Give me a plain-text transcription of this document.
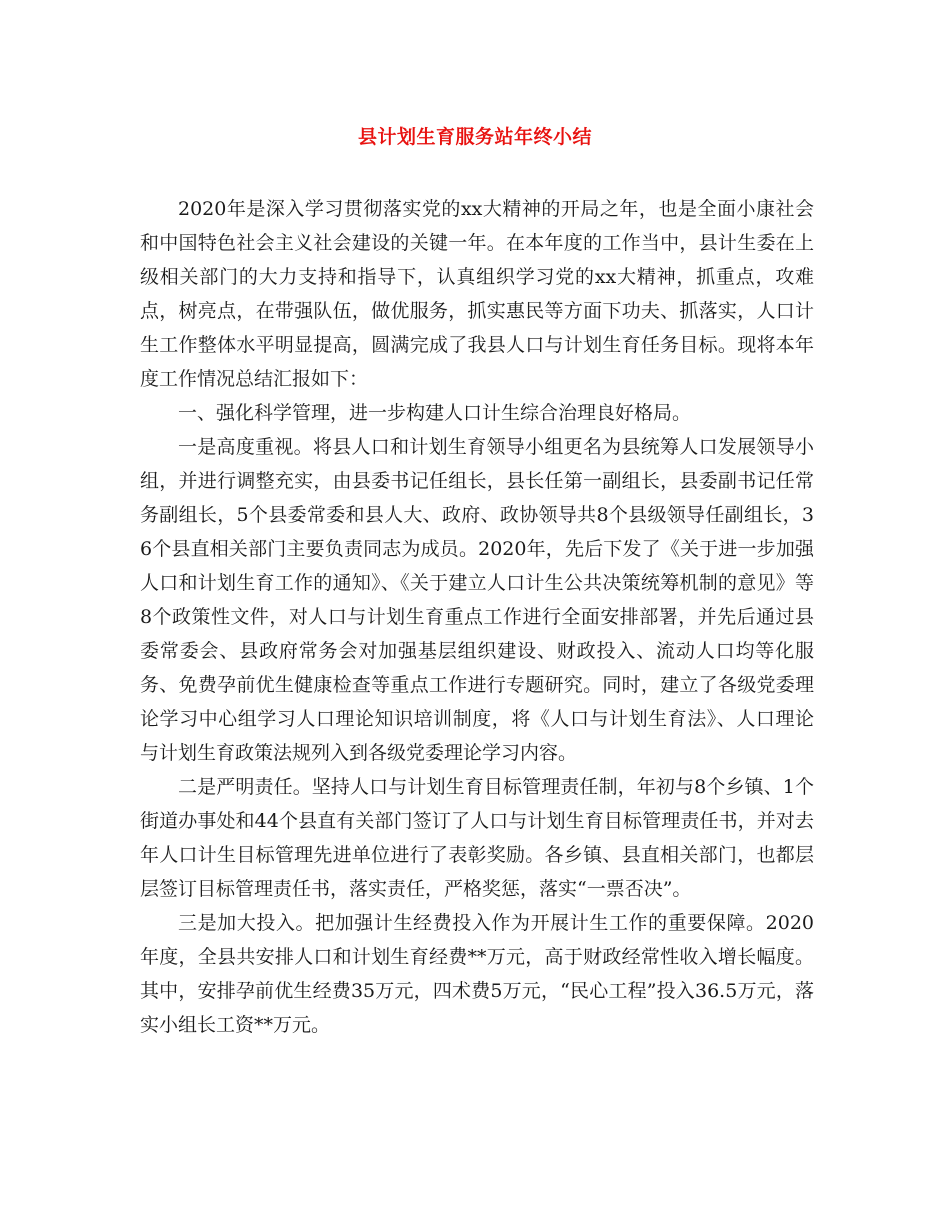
县计划生育服务站年终小结

2020年是深入学习贯彻落实党的xx大精神的开局之年，也是全面小康社会和中国特色社会主义社会建设的关键一年。在本年度的工作当中，县计生委在上级相关部门的大力支持和指导下，认真组织学习党的xx大精神，抓重点，攻难点，树亮点，在带强队伍，做优服务，抓实惠民等方面下功夫、抓落实，人口计生工作整体水平明显提高，圆满完成了我县人口与计划生育任务目标。现将本年度工作情况总结汇报如下：

一、强化科学管理，进一步构建人口计生综合治理良好格局。

一是高度重视。将县人口和计划生育领导小组更名为县统筹人口发展领导小组，并进行调整充实，由县委书记任组长，县长任第一副组长，县委副书记任常务副组长，5个县委常委和县人大、政府、政协领导共8个县级领导任副组长，36个县直相关部门主要负责同志为成员。2020年，先后下发了《关于进一步加强人口和计划生育工作的通知》、《关于建立人口计生公共决策统筹机制的意见》等8个政策性文件，对人口与计划生育重点工作进行全面安排部署，并先后通过县委常委会、县政府常务会对加强基层组织建设、财政投入、流动人口均等化服务、免费孕前优生健康检查等重点工作进行专题研究。同时，建立了各级党委理论学习中心组学习人口理论知识培训制度，将《人口与计划生育法》、人口理论与计划生育政策法规列入到各级党委理论学习内容。

二是严明责任。坚持人口与计划生育目标管理责任制，年初与8个乡镇、1个街道办事处和44个县直有关部门签订了人口与计划生育目标管理责任书，并对去年人口计生目标管理先进单位进行了表彰奖励。各乡镇、县直相关部门，也都层层签订目标管理责任书，落实责任，严格奖惩，落实“一票否决”。

三是加大投入。把加强计生经费投入作为开展计生工作的重要保障。2020年度，全县共安排人口和计划生育经费**万元，高于财政经常性收入增长幅度。其中，安排孕前优生经费35万元，四术费5万元，“民心工程”投入36.5万元，落实小组长工资**万元。
